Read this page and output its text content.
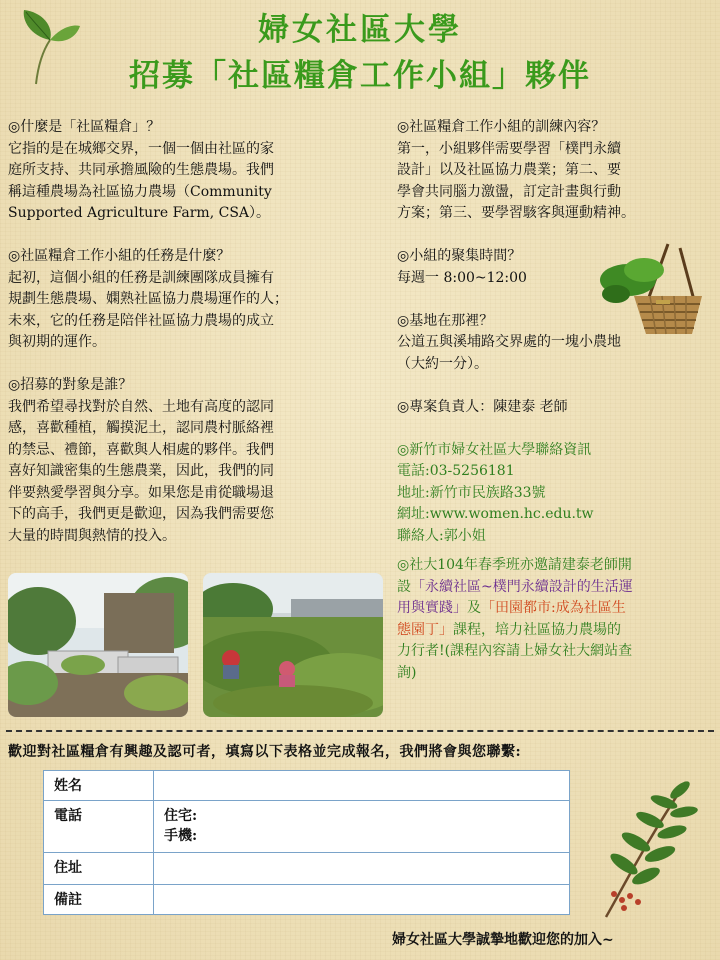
婦女社區大學
招募「社區糧倉工作小組」夥伴

◎什麼是「社區糧倉」？

它指的是在城鄉交界，一個一個由社區的家
庭所支持、共同承擔風險的生態農場。我們
稱這種農場為社區協力農場（Community
Supported Agriculture Farm, CSA）。

◎社區糧倉工作小組的任務是什麼？

起初，這個小組的任務是訓練團隊成員擁有
規劃生態農場、嫻熟社區協力農場運作的人；
未來，它的任務是陪伴社區協力農場的成立
與初期的運作。

◎招募的對象是誰？

我們希望尋找對於自然、土地有高度的認同
感，喜歡種植，觸摸泥土，認同農村脈絡裡
的禁忌、禮節，喜歡與人相處的夥伴。我們
喜好知識密集的生態農業，因此，我們的同
伴要熱愛學習與分享。如果您是甫從職場退
下的高手，我們更是歡迎，因為我們需要您
大量的時間與熱情的投入。

◎社區糧倉工作小組的訓練內容？

第一，小組夥伴需要學習「樸門永續
設計」以及社區協力農業；第二、要
學會共同腦力激盪，訂定計畫與行動
方案；第三、要學習駭客與運動精神。

◎小組的聚集時間？

每週一 8:00~12:00

◎基地在那裡？

公道五與溪埔路交界處的一塊小農地
（大約一分）。

◎專案負責人：陳建泰 老師

◎新竹市婦女社區大學聯絡資訊

電話:03-5256181

地址:新竹市民族路33號

網址:www.women.hc.edu.tw

聯絡人:郭小姐

◎社大104年春季班亦邀請建泰老師開
設「永續社區~樸門永續設計的生活運
用與實踐」及「田園都市:成為社區生
態園丁」課程，培力社區協力農場的
力行者!(課程內容請上婦女社大網站查
詢)

歡迎對社區糧倉有興趣及認可者，填寫以下表格並完成報名，我們將會與您聯繫:
姓名	
電話	住宅:
手機:

住址	
備註	
婦女社區大學誠摯地歡迎您的加入~
